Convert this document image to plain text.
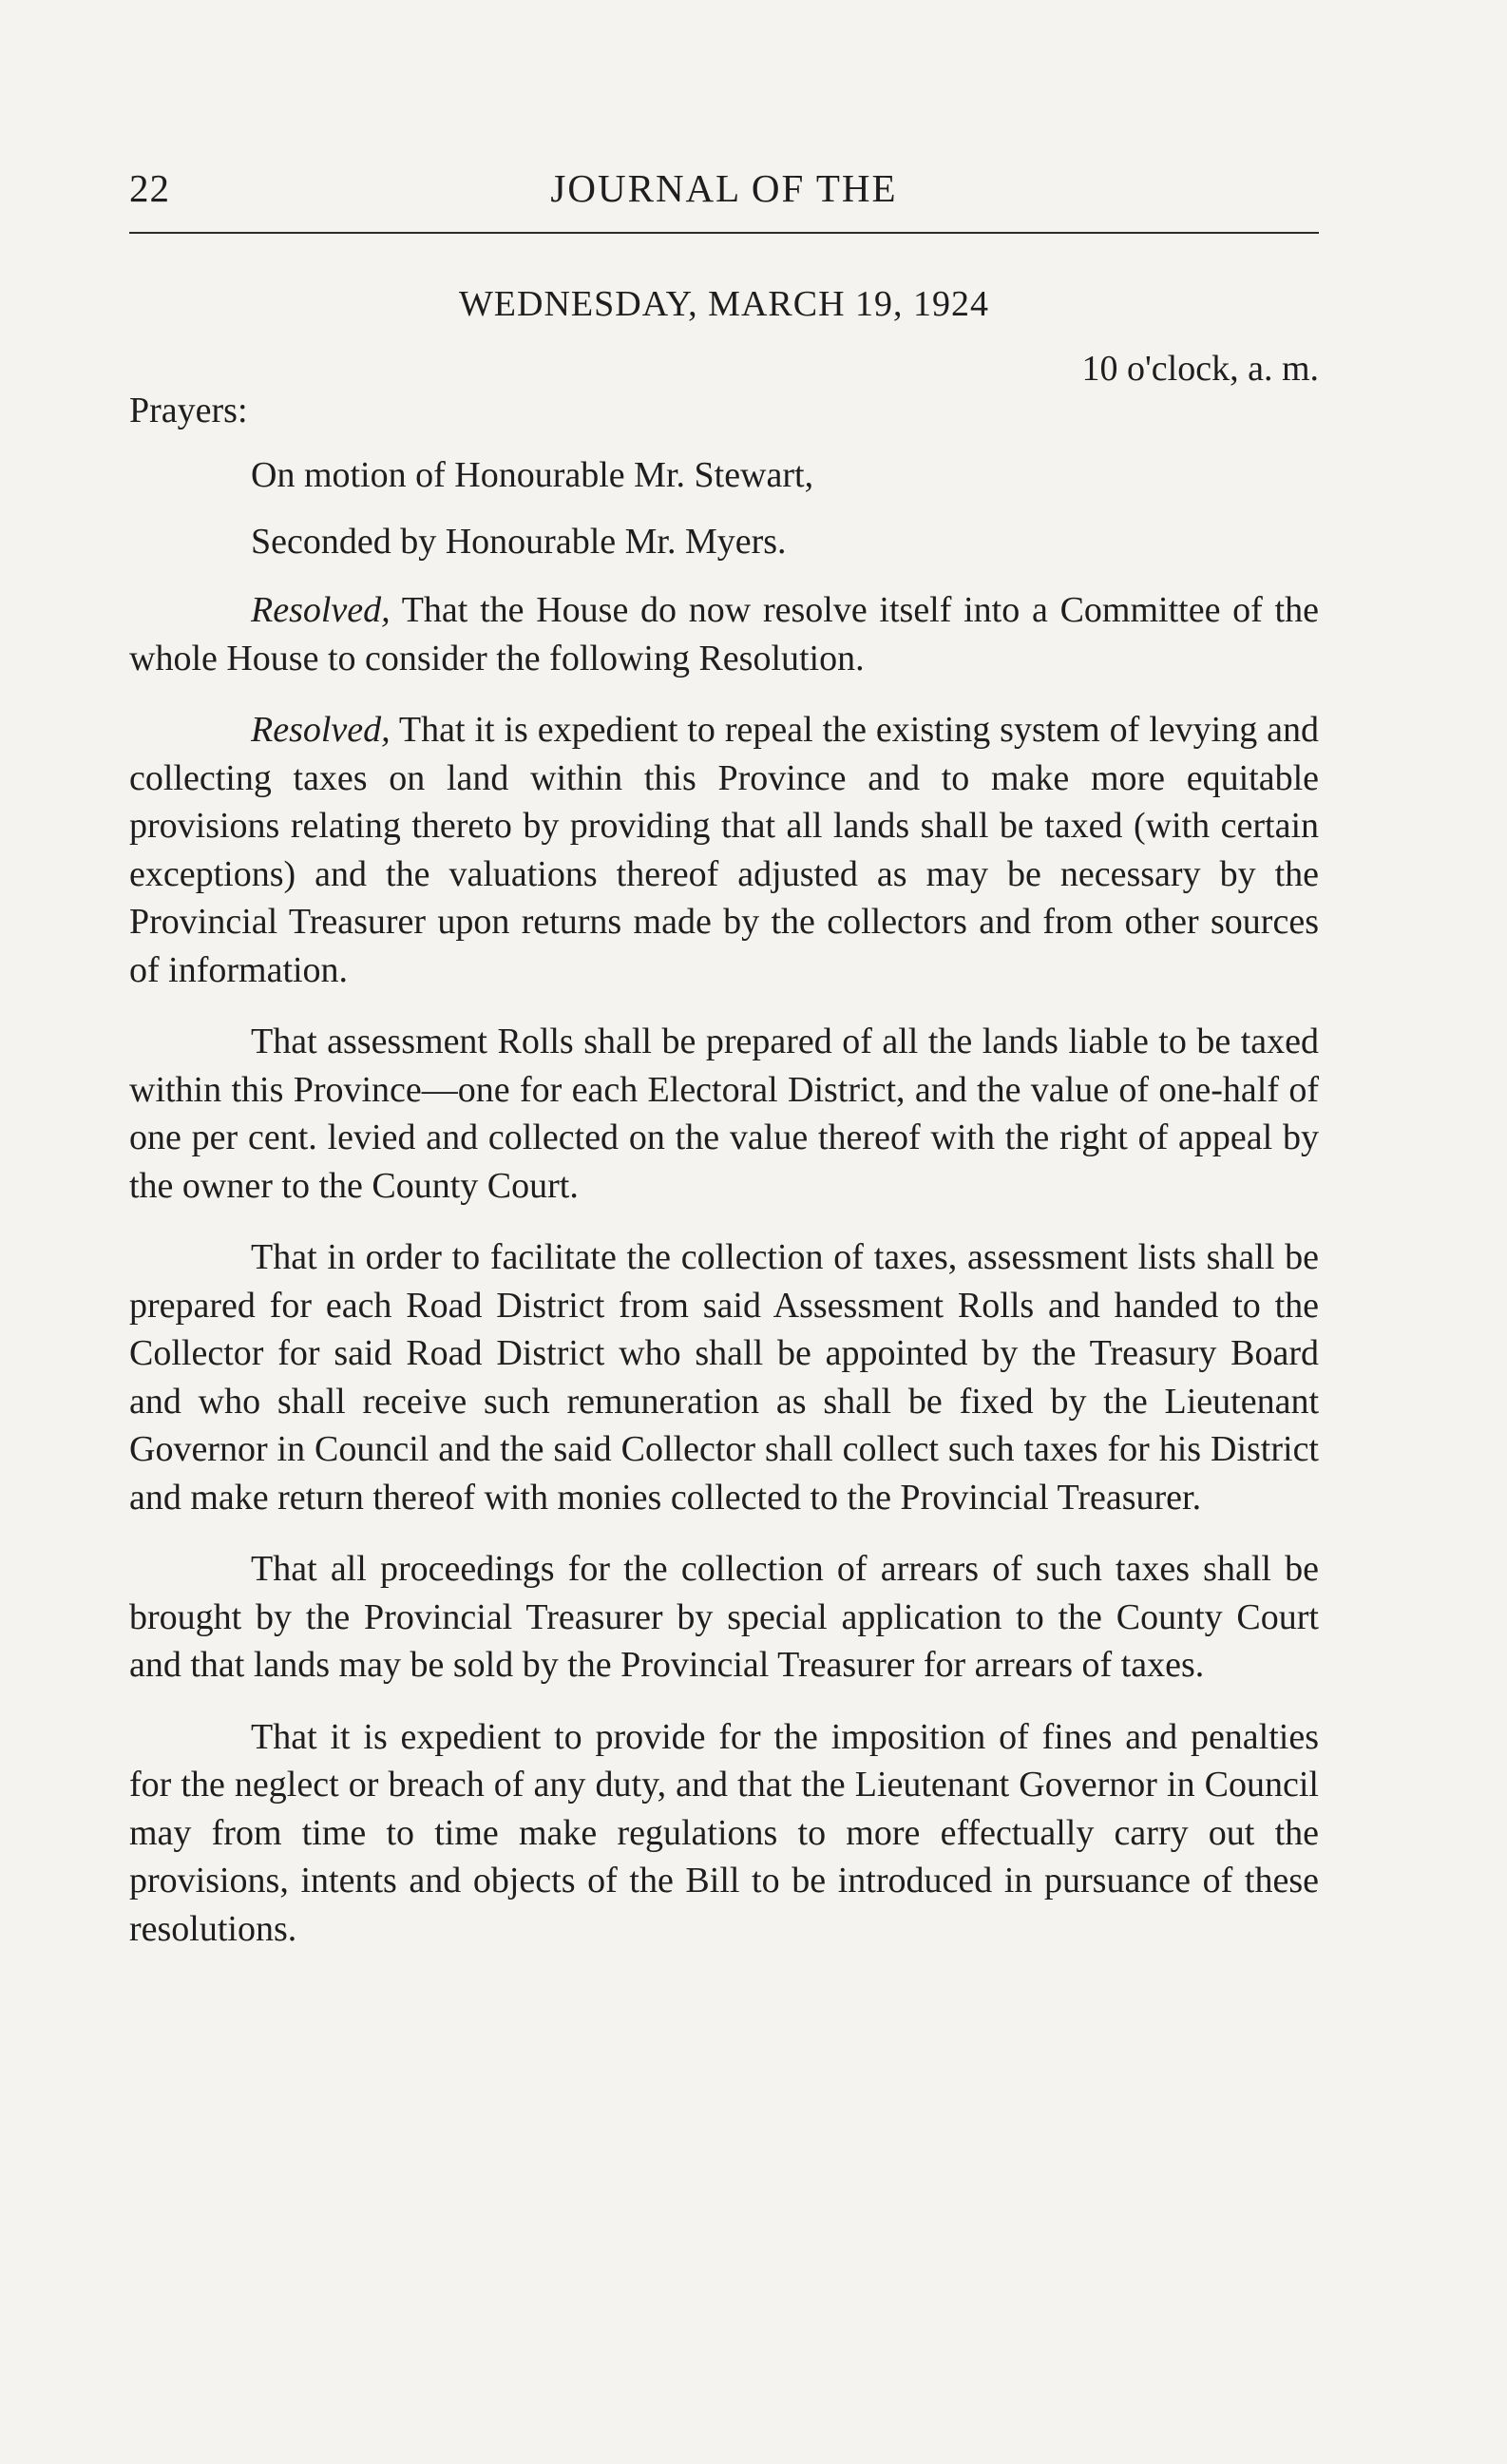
22	JOURNAL OF THE
WEDNESDAY, MARCH 19, 1924
10 o'clock, a. m.
Prayers:
On motion of Honourable Mr. Stewart,
Seconded by Honourable Mr. Myers.

Resolved, That the House do now resolve itself into a Committee of the whole House to consider the following Resolution.

Resolved, That it is expedient to repeal the existing system of levying and collecting taxes on land within this Province and to make more equitable provisions relating thereto by providing that all lands shall be taxed (with certain exceptions) and the valuations thereof adjusted as may be necessary by the Provincial Treasurer upon returns made by the collectors and from other sources of information.

That assessment Rolls shall be prepared of all the lands liable to be taxed within this Province—one for each Electoral District, and the value of one-half of one per cent. levied and collected on the value thereof with the right of appeal by the owner to the County Court.

That in order to facilitate the collection of taxes, assessment lists shall be prepared for each Road District from said Assessment Rolls and handed to the Collector for said Road District who shall be appointed by the Treasury Board and who shall receive such remuneration as shall be fixed by the Lieutenant Governor in Council and the said Collector shall collect such taxes for his District and make return thereof with monies collected to the Provincial Treasurer.

That all proceedings for the collection of arrears of such taxes shall be brought by the Provincial Treasurer by special application to the County Court and that lands may be sold by the Provincial Treasurer for arrears of taxes.

That it is expedient to provide for the imposition of fines and penalties for the neglect or breach of any duty, and that the Lieutenant Governor in Council may from time to time make regulations to more effectually carry out the provisions, intents and objects of the Bill to be introduced in pursuance of these resolutions.
